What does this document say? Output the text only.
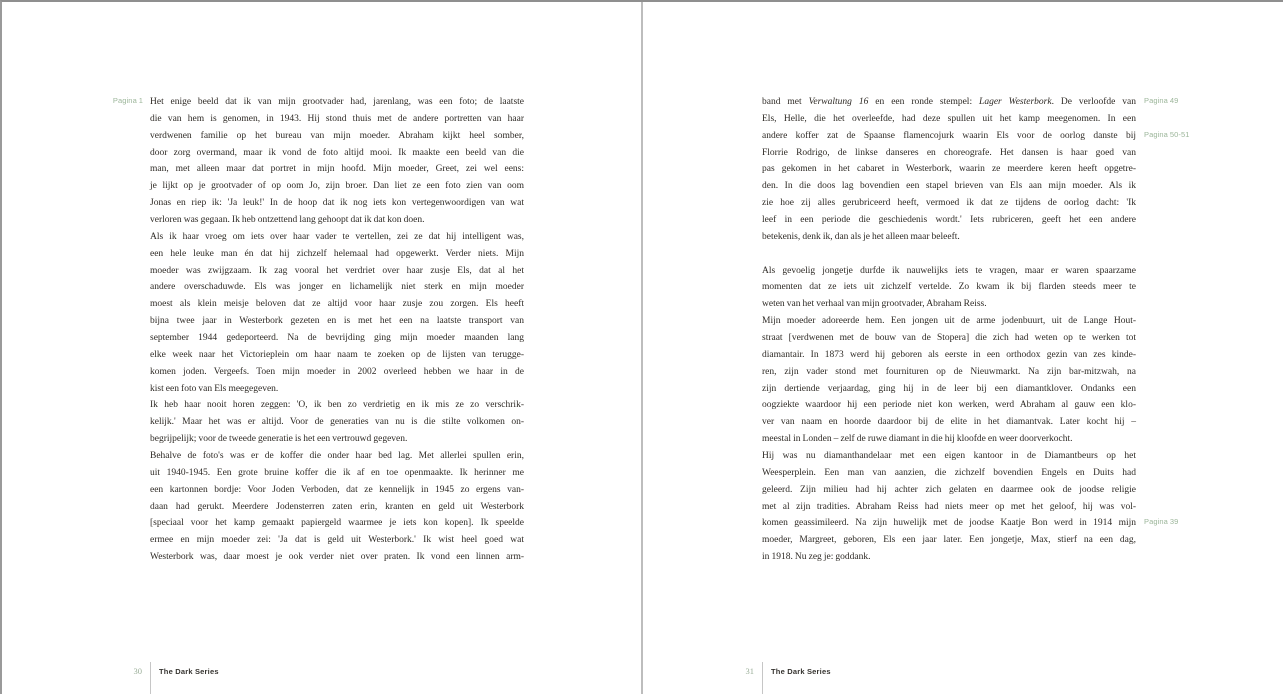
Pagina 1 Het enige beeld dat ik van mijn grootvader had, jarenlang, was een foto; de laatste
die van hem is genomen, in 1943. Hij stond thuis met de andere portretten van haar
verdwenen familie op het bureau van mijn moeder. Abraham kijkt heel somber,
door zorg overmand, maar ik vond de foto altijd mooi. Ik maakte een beeld van die
man, met alleen maar dat portret in mijn hoofd. Mijn moeder, Greet, zei wel eens:
je lijkt op je grootvader of op oom Jo, zijn broer. Dan liet ze een foto zien van oom
Jonas en riep ik: 'Ja leuk!' In de hoop dat ik nog iets kon vertegenwoordigen van wat
verloren was gegaan. Ik heb ontzettend lang gehoopt dat ik dat kon doen.
Als ik haar vroeg om iets over haar vader te vertellen, zei ze dat hij intelligent was,
een hele leuke man én dat hij zichzelf helemaal had opgewerkt. Verder niets. Mijn
moeder was zwijgzaam. Ik zag vooral het verdriet over haar zusje Els, dat al het
andere overschaduwde. Els was jonger en lichamelijk niet sterk en mijn moeder
moest als klein meisje beloven dat ze altijd voor haar zusje zou zorgen. Els heeft
bijna twee jaar in Westerbork gezeten en is met het een na laatste transport van
september 1944 gedeporteerd. Na de bevrijding ging mijn moeder maanden lang
elke week naar het Victorieplein om haar naam te zoeken op de lijsten van terugge-
komen joden. Vergeefs. Toen mijn moeder in 2002 overleed hebben we haar in de
kist een foto van Els meegegeven.
Ik heb haar nooit horen zeggen: 'O, ik ben zo verdrietig en ik mis ze zo verschrik-
kelijk.' Maar het was er altijd. Voor de generaties van nu is die stilte volkomen on-
begrijpelijk; voor de tweede generatie is het een vertrouwd gegeven.
Behalve de foto's was er de koffer die onder haar bed lag. Met allerlei spullen erin,
uit 1940-1945. Een grote bruine koffer die ik af en toe openmaakte. Ik herinner me
een kartonnen bordje: Voor Joden Verboden, dat ze kennelijk in 1945 zo ergens van-
daan had gerukt. Meerdere Jodensterren zaten erin, kranten en geld uit Westerbork
[speciaal voor het kamp gemaakt papiergeld waarmee je iets kon kopen]. Ik speelde
ermee en mijn moeder zei: 'Ja dat is geld uit Westerbork.' Ik wist heel goed wat
Westerbork was, daar moest je ook verder niet over praten. Ik vond een linnen arm-
30 The Dark Series
Pagina 49
band met Verwaltung 16 en een ronde stempel: Lager Westerbork. De verloofde van
Els, Helle, die het overleefde, had deze spullen uit het kamp meegenomen. In een
Pagina 50-51
andere koffer zat de Spaanse flamencojurk waarin Els voor de oorlog danste bij
Florrie Rodrigo, de linkse danseres en choreografe. Het dansen is haar goed van
pas gekomen in het cabaret in Westerbork, waarin ze meerdere keren heeft opgetre-
den. In die doos lag bovendien een stapel brieven van Els aan mijn moeder. Als ik
zie hoe zij alles gerubriceerd heeft, vermoed ik dat ze tijdens de oorlog dacht: 'Ik
leef in een periode die geschiedenis wordt.' Iets rubriceren, geeft het een andere
betekenis, denk ik, dan als je het alleen maar beleeft.
Als gevoelig jongetje durfde ik nauwelijks iets te vragen, maar er waren spaarzame
momenten dat ze iets uit zichzelf vertelde. Zo kwam ik bij flarden steeds meer te
weten van het verhaal van mijn grootvader, Abraham Reiss.
Mijn moeder adoreerde hem. Een jongen uit de arme jodenbuurt, uit de Lange Hout-
straat [verdwenen met de bouw van de Stopera] die zich had weten op te werken tot
diamantair. In 1873 werd hij geboren als eerste in een orthodox gezin van zes kinde-
ren, zijn vader stond met fournituren op de Nieuwmarkt. Na zijn bar-mitzwah, na
zijn dertiende verjaardag, ging hij in de leer bij een diamantklover. Ondanks een
oogziekte waardoor hij een periode niet kon werken, werd Abraham al gauw een klo-
ver van naam en hoorde daardoor bij de elite in het diamantvak. Later kocht hij –
meestal in Londen – zelf de ruwe diamant in die hij kloofde en weer doorverkocht.
Hij was nu diamanthandelaar met een eigen kantoor in de Diamantbeurs op het
Weesperplein. Een man van aanzien, die zichzelf bovendien Engels en Duits had
geleerd. Zijn milieu had hij achter zich gelaten en daarmee ook de joodse religie
met al zijn tradities. Abraham Reiss had niets meer op met het geloof, hij was vol-
Pagina 39
komen geassimileerd. Na zijn huwelijk met de joodse Kaatje Bon werd in 1914 mijn
moeder, Margreet, geboren, Els een jaar later. Een jongetje, Max, stierf na een dag,
in 1918. Nu zeg je: goddank.
31 The Dark Series
